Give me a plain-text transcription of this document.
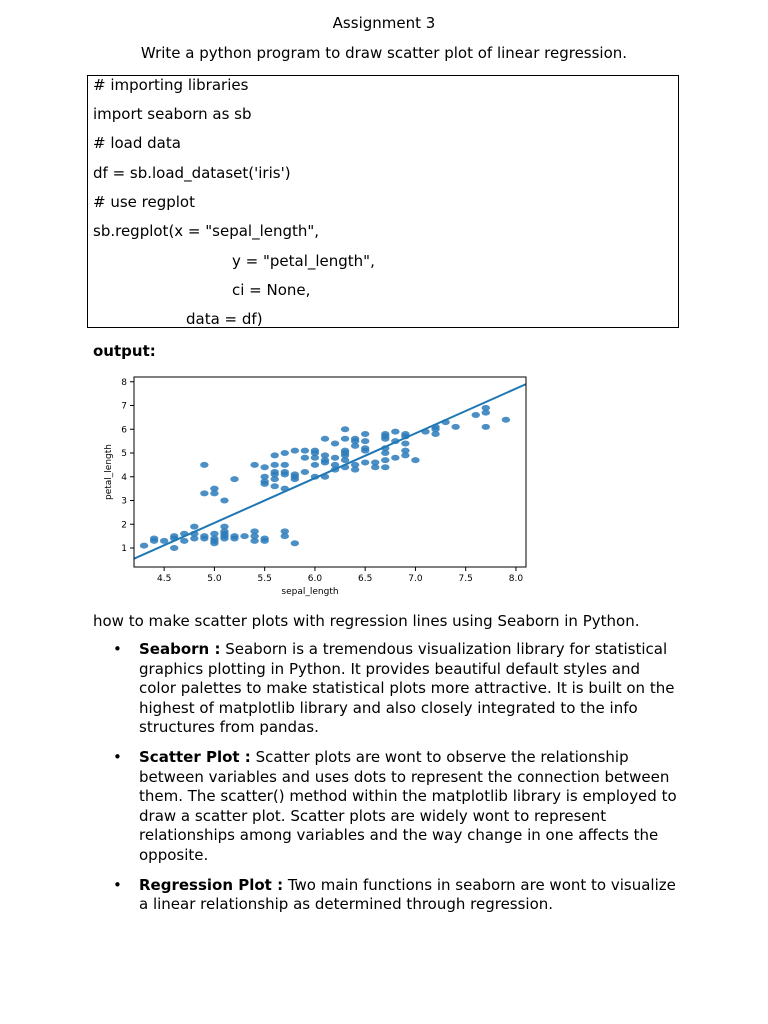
Assignment 3
Write a python program to draw scatter plot of linear regression.
# importing libraries
import seaborn as sb
# load data
df = sb.load_dataset('iris')
# use regplot
sb.regplot(x = "sepal_length",
y = "petal_length",
ci = None,
data = df)
output:
4.5	5.0	5.5	6.0	6.5	7.0	7.5	8.0
1
2
3
4
5
6
7
8
sepal_length
petal_length
how to make scatter plots with regression lines using Seaborn in Python.
• Seaborn : Seaborn is a tremendous visualization library for statistical graphics plotting in Python. It provides beautiful default styles and color palettes to make statistical plots more attractive. It is built on the highest of matplotlib library and also closely integrated to the info structures from pandas.
• Scatter Plot : Scatter plots are wont to observe the relationship between variables and uses dots to represent the connection between them. The scatter() method within the matplotlib library is employed to draw a scatter plot. Scatter plots are widely wont to represent relationships among variables and the way change in one affects the opposite.
• Regression Plot : Two main functions in seaborn are wont to visualize a linear relationship as determined through regression.
